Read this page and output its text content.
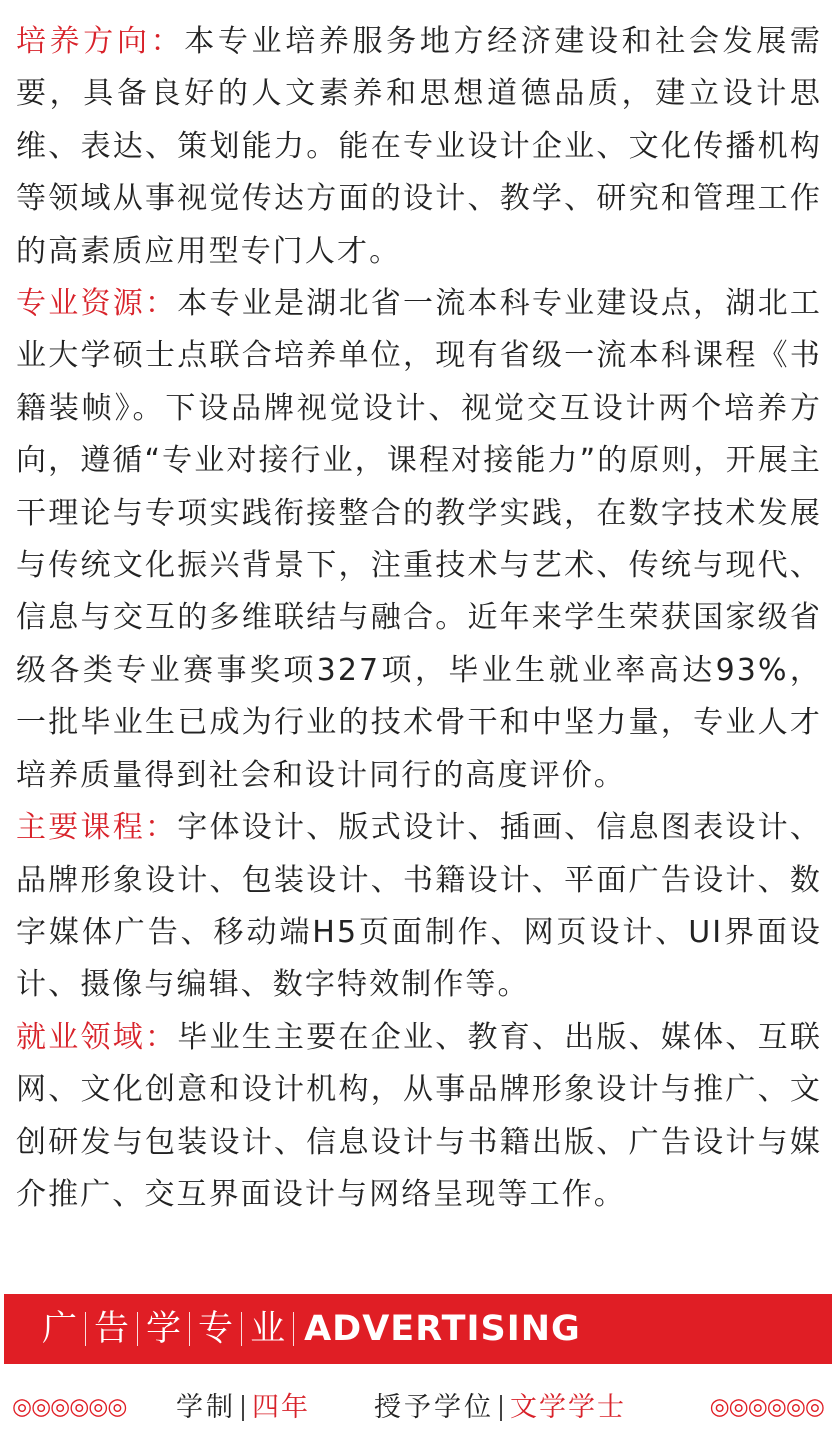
培养方向：本专业培养服务地方经济建设和社会发展需要，具备良好的人文素养和思想道德品质，建立设计思维、表达、策划能力。能在专业设计企业、文化传播机构等领域从事视觉传达方面的设计、教学、研究和管理工作的高素质应用型专门人才。

专业资源：本专业是湖北省一流本科专业建设点，湖北工业大学硕士点联合培养单位，现有省级一流本科课程《书籍装帧》。下设品牌视觉设计、视觉交互设计两个培养方向，遵循“专业对接行业，课程对接能力”的原则，开展主干理论与专项实践衔接整合的教学实践，在数字技术发展与传统文化振兴背景下，注重技术与艺术、传统与现代、信息与交互的多维联结与融合。近年来学生荣获国家级省级各类专业赛事奖项327项，毕业生就业率高达93%，一批毕业生已成为行业的技术骨干和中坚力量，专业人才培养质量得到社会和设计同行的高度评价。

主要课程：字体设计、版式设计、插画、信息图表设计、品牌形象设计、包装设计、书籍设计、平面广告设计、数字媒体广告、移动端H5页面制作、网页设计、UI界面设计、摄像与编辑、数字特效制作等。

就业领域：毕业生主要在企业、教育、出版、媒体、互联网、文化创意和设计机构，从事品牌形象设计与推广、文创研发与包装设计、信息设计与书籍出版、广告设计与媒介推广、交互界面设计与网络呈现等工作。

广 告 学 专 业 ADVERTISING
◎◎◎◎◎◎ 学制 四年 授予学位 文学学士	◎◎◎◎◎◎
